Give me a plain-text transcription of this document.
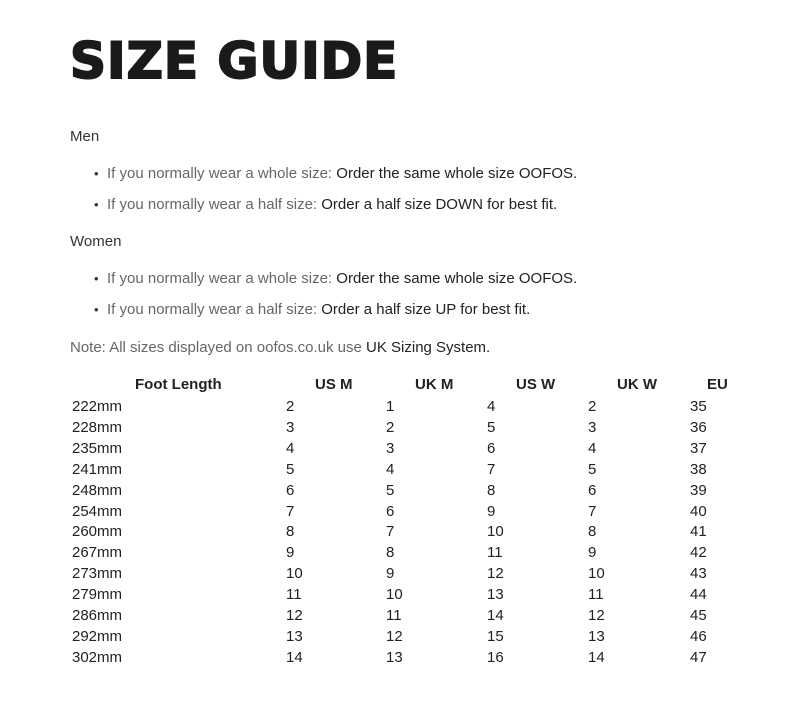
SIZE GUIDE

Men

• If you normally wear a whole size:
Order the same whole size OOFOS.
• If you normally wear a half size:
Order a half size DOWN for best fit.

Women

• If you normally wear a whole size:
Order the same whole size OOFOS.
• If you normally wear a half size:
Order a half size UP for best fit.
Note: All sizes displayed on oofos.co.uk use UK Sizing System.
Foot Length	US M	UK M	US W	UK W	EU
222mm	2	1	4	2	35
228mm	3	2	5	3	36
235mm	4	3	6	4	37
241mm	5	4	7	5	38
248mm	6	5	8	6	39
254mm	7	6	9	7	40
260mm	8	7	10	8	41
267mm	9	8	11	9	42
273mm	10	9	12	10	43
279mm	11	10	13	11	44
286mm	12	11	14	12	45
292mm	13	12	15	13	46
302mm	14	13	16	14	47
